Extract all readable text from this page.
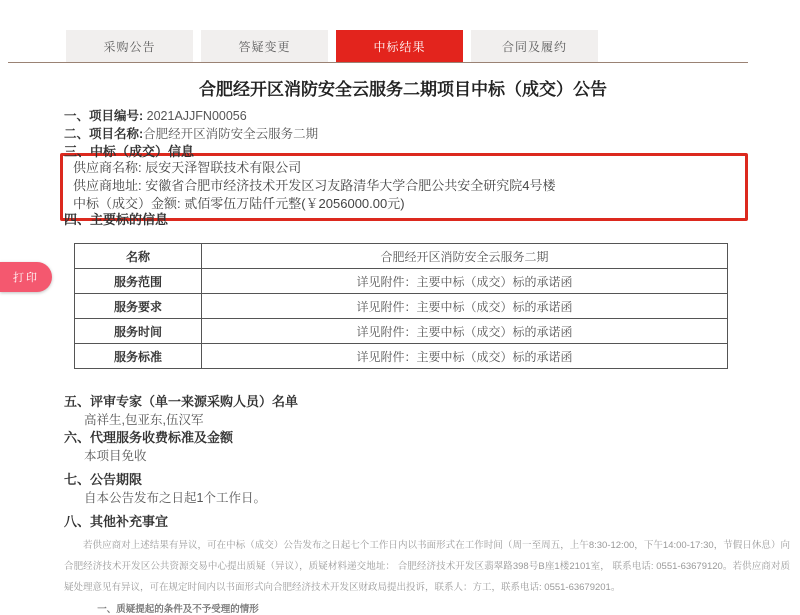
采购公告	答疑变更	中标结果	合同及履约
打印
合肥经开区消防安全云服务二期项目中标（成交）公告

一、项目编号: 2021AJJFN00056

二、项目名称:合肥经开区消防安全云服务二期

三、中标（成交）信息

供应商名称: 辰安天泽智联技术有限公司

供应商地址: 安徽省合肥市经济技术开发区习友路清华大学合肥公共安全研究院4号楼

中标（成交）金额: 贰佰零伍万陆仟元整(￥2056000.00元)

四、主要标的信息

名称	合肥经开区消防安全云服务二期
服务范围	详见附件：主要中标（成交）标的承诺函
服务要求	详见附件：主要中标（成交）标的承诺函
服务时间	详见附件：主要中标（成交）标的承诺函
服务标准	详见附件：主要中标（成交）标的承诺函

五、评审专家（单一来源采购人员）名单

高祥生,包亚东,伍汉军

六、代理服务收费标准及金额

本项目免收

七、公告期限

自本公告发布之日起1个工作日。

八、其他补充事宜

若供应商对上述结果有异议，可在中标（成交）公告发布之日起七个工作日内以书面形式在工作时间（周一至周五，上午8:30-12:00，下午14:00-17:30，节假日休息）向合肥经济技术开发区公共资源交易中心提出质疑（异议），质疑材料递交地址： 合肥经济技术开发区翡翠路398号B座1楼2101室， 联系电话: 0551-63679120。若供应商对质疑处理意见有异议，可在规定时间内以书面形式向合肥经济技术开发区财政局提出投诉，联系人：方工，联系电话: 0551-63679201。

一、质疑提起的条件及不予受理的情形
